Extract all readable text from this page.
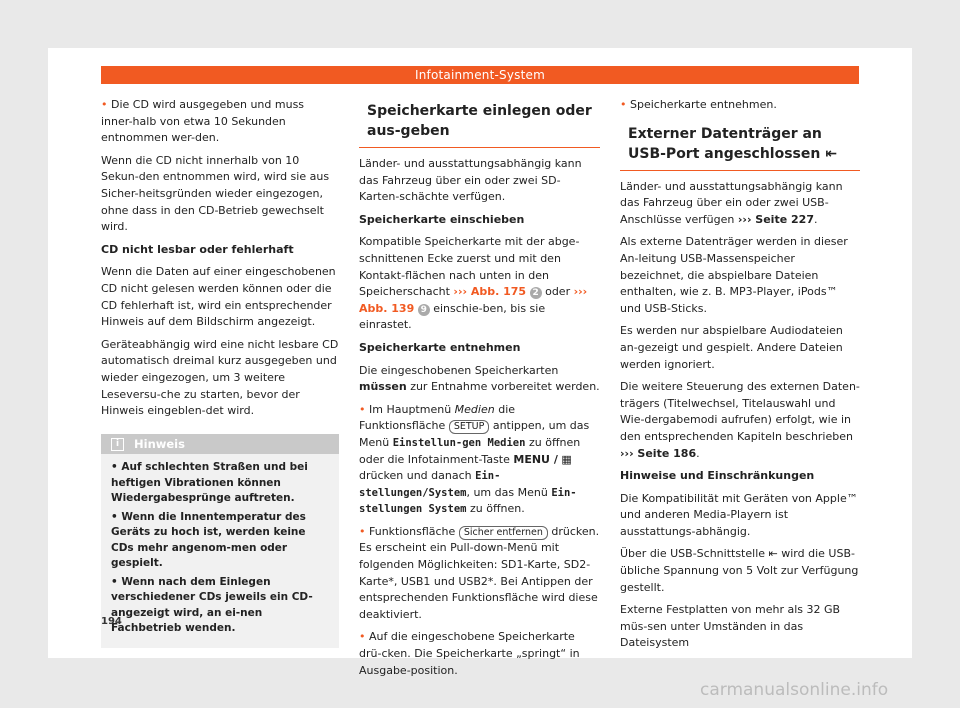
Infotainment-System

• Die CD wird ausgegeben und muss inner-halb von etwa 10 Sekunden entnommen wer-den.

Wenn die CD nicht innerhalb von 10 Sekun-den entnommen wird, wird sie aus Sicher-heitsgründen wieder eingezogen, ohne dass in den CD-Betrieb gewechselt wird.

CD nicht lesbar oder fehlerhaft

Wenn die Daten auf einer eingeschobenen CD nicht gelesen werden können oder die CD fehlerhaft ist, wird ein entsprechender Hinweis auf dem Bildschirm angezeigt.

Geräteabhängig wird eine nicht lesbare CD automatisch dreimal kurz ausgegeben und wieder eingezogen, um 3 weitere Leseversu-che zu starten, bevor der Hinweis eingeblen-det wird.

i Hinweis
• Auf schlechten Straßen und bei heftigen Vibrationen können Wiedergabesprünge auftreten.
• Wenn die Innentemperatur des Geräts zu hoch ist, werden keine CDs mehr angenom-men oder gespielt.
• Wenn nach dem Einlegen verschiedener CDs jeweils ein CD- angezeigt wird, an ei-nen Fachbetrieb wenden.
Speicherkarte einlegen oder aus-geben

Länder- und ausstattungsabhängig kann das Fahrzeug über ein oder zwei SD-Karten-schächte verfügen.

Speicherkarte einschieben

Kompatible Speicherkarte mit der abge-schnittenen Ecke zuerst und mit den Kontakt-flächen nach unten in den Speicherschacht ››› Abb. 175 2 oder ››› Abb. 139 9 einschie-ben, bis sie einrastet.

Speicherkarte entnehmen

Die eingeschobenen Speicherkarten müssen zur Entnahme vorbereitet werden.

• Im Hauptmenü Medien die Funktionsfläche SETUP antippen, um das Menü Einstellun-gen Medien zu öffnen oder die Infotainment-Taste MENU / ▦ drücken und danach Ein-stellungen/System, um das Menü Ein-stellungen System zu öffnen.

• Funktionsfläche Sicher entfernen drücken. Es erscheint ein Pull-down-Menü mit folgenden Möglichkeiten: SD1-Karte, SD2-Karte*, USB1 und USB2*. Bei Antippen der entsprechenden Funktionsfläche wird diese deaktiviert.

• Auf die eingeschobene Speicherkarte drü-cken. Die Speicherkarte „springt“ in Ausgabe-position.

• Speicherkarte entnehmen.

Externer Datenträger an USB-Port angeschlossen ⇤

Länder- und ausstattungsabhängig kann das Fahrzeug über ein oder zwei USB-Anschlüsse verfügen ››› Seite 227.

Als externe Datenträger werden in dieser An-leitung USB-Massenspeicher bezeichnet, die abspielbare Dateien enthalten, wie z. B. MP3-Player, iPods™ und USB-Sticks.

Es werden nur abspielbare Audiodateien an-gezeigt und gespielt. Andere Dateien werden ignoriert.

Die weitere Steuerung des externen Daten-trägers (Titelwechsel, Titelauswahl und Wie-dergabemodi aufrufen) erfolgt, wie in den entsprechenden Kapiteln beschrieben ››› Seite 186.

Hinweise und Einschränkungen

Die Kompatibilität mit Geräten von Apple™ und anderen Media-Playern ist ausstattungs-abhängig.

Über die USB-Schnittstelle ⇤ wird die USB-übliche Spannung von 5 Volt zur Verfügung gestellt.

Externe Festplatten von mehr als 32 GB müs-sen unter Umständen in das Dateisystem

194
carmanualsonline.info
